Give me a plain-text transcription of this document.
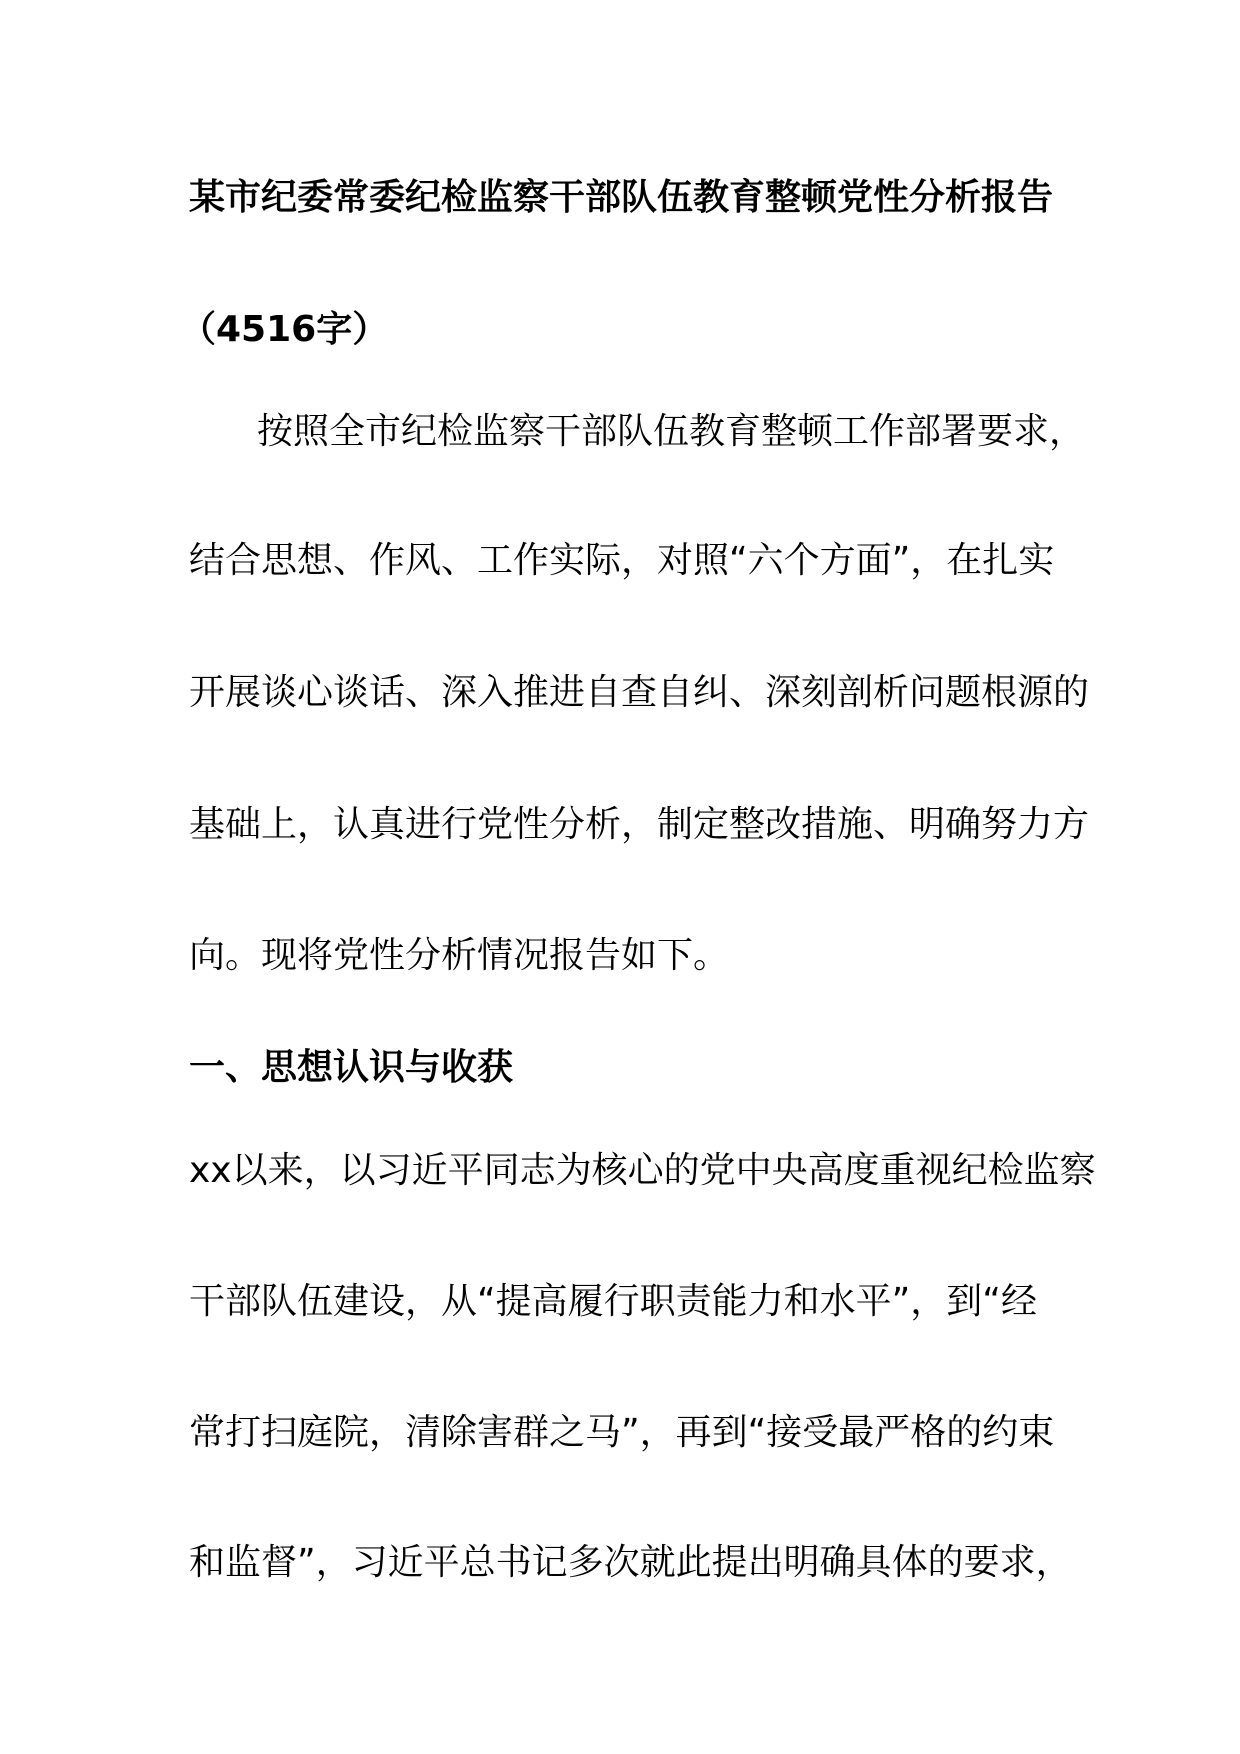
某市纪委常委纪检监察干部队伍教育整顿党性分析报告
（4516字）
按照全市纪检监察干部队伍教育整顿工作部署要求，
结合思想、作风、工作实际，对照“六个方面”，在扎实
开展谈心谈话、深入推进自查自纠、深刻剖析问题根源的
基础上，认真进行党性分析，制定整改措施、明确努力方
向。现将党性分析情况报告如下。
一、思想认识与收获
xx以来，以习近平同志为核心的党中央高度重视纪检监察
干部队伍建设，从“提高履行职责能力和水平”，到“经
常打扫庭院，清除害群之马”，再到“接受最严格的约束
和监督”，习近平总书记多次就此提出明确具体的要求，
